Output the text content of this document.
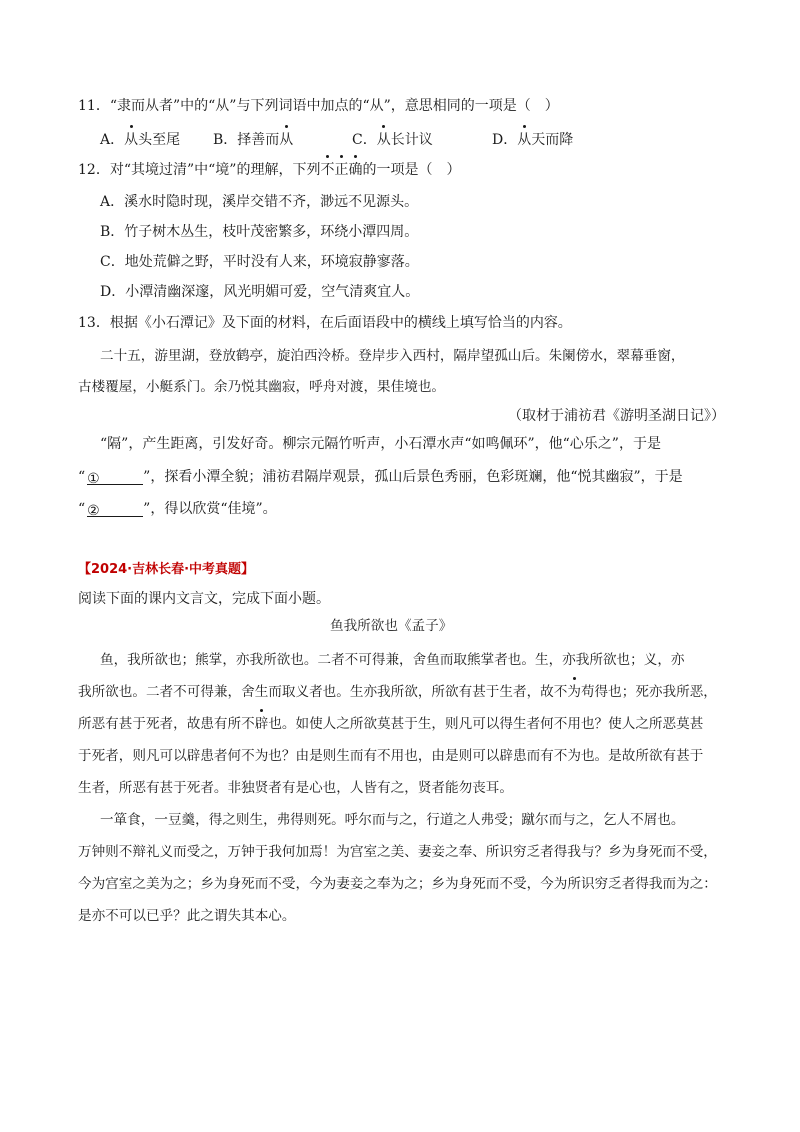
11．“隶而从者”中的“从”与下列词语中加点的“从”，意思相同的一项是（　）
A．从头至尾 B．择善而从	C．从长计议	D．从天而降
12．对“其境过清”中“境”的理解，下列不正确的一项是（　）
A．溪水时隐时现，溪岸交错不齐，渺远不见源头。
B．竹子树木丛生，枝叶茂密繁多，环绕小潭四周。
C．地处荒僻之野，平时没有人来，环境寂静寥落。
D．小潭清幽深邃，风光明媚可爱，空气清爽宜人。
13．根据《小石潭记》及下面的材料，在后面语段中的横线上填写恰当的内容。
二十五，游里湖，登放鹤亭，旋泊西泠桥。登岸步入西村，隔岸望孤山后。朱阑傍水，翠幕垂窗，
古楼覆屋，小艇系门。余乃悦其幽寂，呼舟对渡，果佳境也。
（取材于浦祊君《游明圣湖日记》）
“隔”，产生距离，引发好奇。柳宗元隔竹听声，小石潭水声“如鸣佩环”，他“心乐之”，于是
“ ①	”，探看小潭全貌；浦祊君隔岸观景，孤山后景色秀丽，色彩斑斓，他“悦其幽寂”，于是
“ ②	”，得以欣赏“佳境”。
【2024·吉林长春·中考真题】
阅读下面的课内文言文，完成下面小题。
鱼我所欲也《孟子》
鱼，我所欲也；熊掌，亦我所欲也。二者不可得兼，舍鱼而取熊掌者也。生，亦我所欲也；义，亦
我所欲也。二者不可得兼，舍生而取义者也。生亦我所欲，所欲有甚于生者，故不为苟得也；死亦我所恶，
所恶有甚于死者，故患有所不辟也。如使人之所欲莫甚于生，则凡可以得生者何不用也？使人之所恶莫甚
于死者，则凡可以辟患者何不为也？由是则生而有不用也，由是则可以辟患而有不为也。是故所欲有甚于
生者，所恶有甚于死者。非独贤者有是心也，人皆有之，贤者能勿丧耳。
一箪食，一豆羹，得之则生，弗得则死。呼尔而与之，行道之人弗受；蹴尔而与之，乞人不屑也。
万钟则不辩礼义而受之，万钟于我何加焉！为宫室之美、妻妾之奉、所识穷乏者得我与？乡为身死而不受，
今为宫室之美为之；乡为身死而不受，今为妻妾之奉为之；乡为身死而不受，今为所识穷乏者得我而为之：
是亦不可以已乎？此之谓失其本心。
